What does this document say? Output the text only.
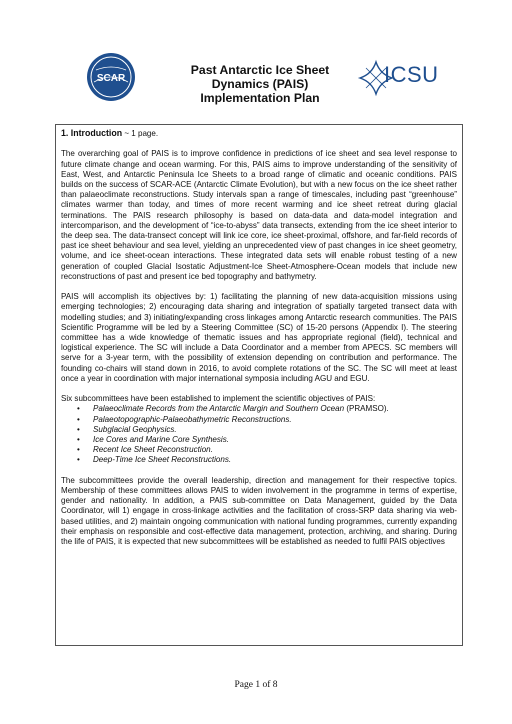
SCAR
Past Antarctic Ice Sheet
Dynamics (PAIS)
Implementation Plan
ICSU
1. Introduction ~ 1 page.

The overarching goal of PAIS is to improve confidence in predictions of ice sheet and sea level response to future climate change and ocean warming. For this, PAIS aims to improve understanding of the sensitivity of East, West, and Antarctic Peninsula Ice Sheets to a broad range of climatic and oceanic conditions. PAIS builds on the success of SCAR-ACE (Antarctic Climate Evolution), but with a new focus on the ice sheet rather than palaeoclimate reconstructions. Study intervals span a range of timescales, including past “greenhouse” climates warmer than today, and times of more recent warming and ice sheet retreat during glacial terminations. The PAIS research philosophy is based on data-data and data-model integration and intercomparison, and the development of “ice-to-abyss” data transects, extending from the ice sheet interior to the deep sea. The data-transect concept will link ice core, ice sheet-proximal, offshore, and far-field records of past ice sheet behaviour and sea level, yielding an unprecedented view of past changes in ice sheet geometry, volume, and ice sheet-ocean interactions. These integrated data sets will enable robust testing of a new generation of coupled Glacial Isostatic Adjustment-Ice Sheet-Atmosphere-Ocean models that include new reconstructions of past and present ice bed topography and bathymetry.

PAIS will accomplish its objectives by: 1) facilitating the planning of new data-acquisition missions using emerging technologies; 2) encouraging data sharing and integration of spatially targeted transect data with modelling studies; and 3) initiating/expanding cross linkages among Antarctic research communities. The PAIS Scientific Programme will be led by a Steering Committee (SC) of 15-20 persons (Appendix I). The steering committee has a wide knowledge of thematic issues and has appropriate regional (field), technical and logistical experience. The SC will include a Data Coordinator and a member from APECS. SC members will serve for a 3-year term, with the possibility of extension depending on contribution and performance. The founding co-chairs will stand down in 2016, to avoid complete rotations of the SC. The SC will meet at least once a year in coordination with major international symposia including AGU and EGU.

Six subcommittees have been established to implement the scientific objectives of PAIS:

• Palaeoclimate Records from the Antarctic Margin and Southern Ocean (PRAMSO).
• Palaeotopographic-Palaeobathymetric Reconstructions.
• Subglacial Geophysics.
• Ice Cores and Marine Core Synthesis.
• Recent Ice Sheet Reconstruction.
• Deep-Time Ice Sheet Reconstructions.

The subcommittees provide the overall leadership, direction and management for their respective topics. Membership of these committees allows PAIS to widen involvement in the programme in terms of expertise, gender and nationality. In addition, a PAIS sub-committee on Data Management, guided by the Data Coordinator, will 1) engage in cross-linkage activities and the facilitation of cross-SRP data sharing via web-based utilities, and 2) maintain ongoing communication with national funding programmes, currently expanding their emphasis on responsible and cost-effective data management, protection, archiving, and sharing. During the life of PAIS, it is expected that new subcommittees will be established as needed to fulfil PAIS objectives

Page 1 of 8
